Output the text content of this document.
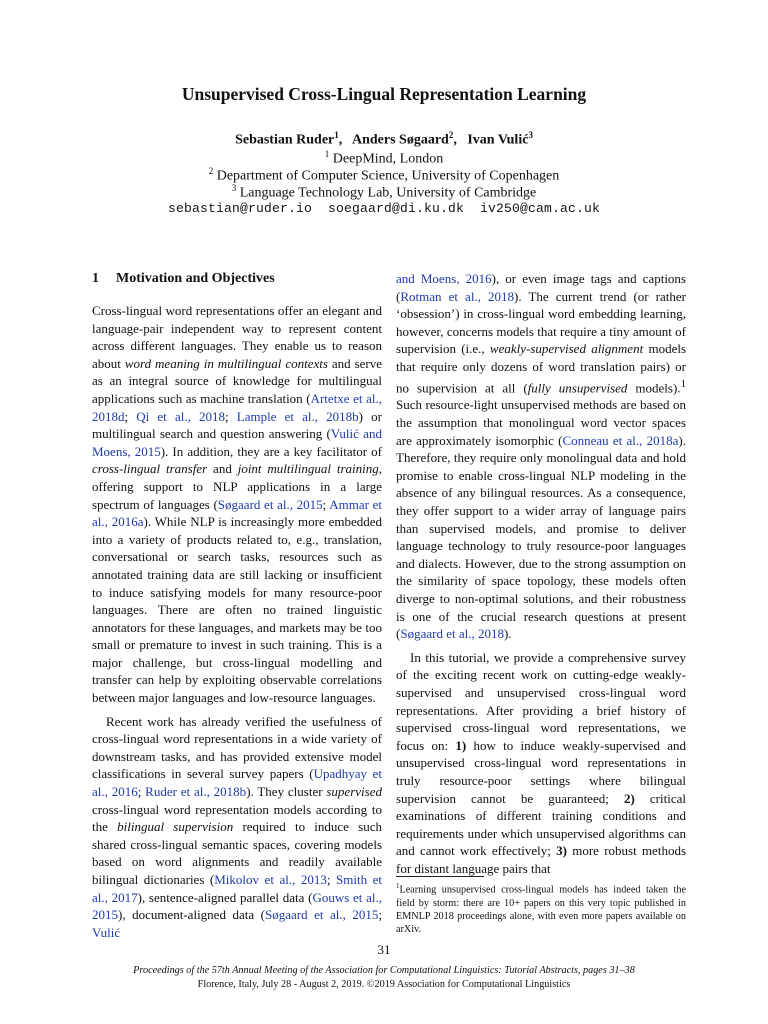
Unsupervised Cross-Lingual Representation Learning
Sebastian Ruder$^1$,   Anders Søgaard$^2$,   Ivan Vulić$^3$
$^1$ DeepMind, London
$^2$ Department of Computer Science, University of Copenhagen
$^3$ Language Technology Lab, University of Cambridge
sebastian@ruder.io  soegaard@di.ku.dk  iv250@cam.ac.uk
1 Motivation and Objectives

Cross-lingual word representations offer an elegant and language-pair independent way to represent content across different languages. They enable us to reason about word meaning in multilingual contexts and serve as an integral source of knowledge for multilingual applications such as machine translation (Artetxe et al., 2018d; Qi et al., 2018; Lample et al., 2018b) or multilingual search and question answering (Vulić and Moens, 2015). In addition, they are a key facilitator of cross-lingual transfer and joint multilingual training, offering support to NLP applications in a large spectrum of languages (Søgaard et al., 2015; Ammar et al., 2016a). While NLP is increasingly more embedded into a variety of products related to, e.g., translation, conversational or search tasks, resources such as annotated training data are still lacking or insufficient to induce satisfying models for many resource-poor languages. There are often no trained linguistic annotators for these languages, and markets may be too small or premature to invest in such training. This is a major challenge, but cross-lingual modelling and transfer can help by exploiting observable correlations between major languages and low-resource languages.

Recent work has already verified the usefulness of cross-lingual word representations in a wide variety of downstream tasks, and has provided extensive model classifications in several survey papers (Upadhyay et al., 2016; Ruder et al., 2018b). They cluster supervised cross-lingual word representation models according to the bilingual supervision required to induce such shared cross-lingual semantic spaces, covering models based on word alignments and readily available bilingual dictionaries (Mikolov et al., 2013; Smith et al., 2017), sentence-aligned parallel data (Gouws et al., 2015), document-aligned data (Søgaard et al., 2015; Vulić

and Moens, 2016), or even image tags and captions (Rotman et al., 2018). The current trend (or rather ‘obsession’) in cross-lingual word embedding learning, however, concerns models that require a tiny amount of supervision (i.e., weakly-supervised alignment models that require only dozens of word translation pairs) or no supervision at all (fully unsupervised models).$^1$ Such resource-light unsupervised methods are based on the assumption that monolingual word vector spaces are approximately isomorphic (Conneau et al., 2018a). Therefore, they require only monolingual data and hold promise to enable cross-lingual NLP modeling in the absence of any bilingual resources. As a consequence, they offer support to a wider array of language pairs than supervised models, and promise to deliver language technology to truly resource-poor languages and dialects. However, due to the strong assumption on the similarity of space topology, these models often diverge to non-optimal solutions, and their robustness is one of the crucial research questions at present (Søgaard et al., 2018).

In this tutorial, we provide a comprehensive survey of the exciting recent work on cutting-edge weakly-supervised and unsupervised cross-lingual word representations. After providing a brief history of supervised cross-lingual word representations, we focus on: 1) how to induce weakly-supervised and unsupervised cross-lingual word representations in truly resource-poor settings where bilingual supervision cannot be guaranteed; 2) critical examinations of different training conditions and requirements under which unsupervised algorithms can and cannot work effectively; 3) more robust methods for distant language pairs that

$^1$Learning unsupervised cross-lingual models has indeed taken the field by storm: there are 10+ papers on this very topic published in EMNLP 2018 proceedings alone, with even more papers available on arXiv.
31
Proceedings of the 57th Annual Meeting of the Association for Computational Linguistics: Tutorial Abstracts, pages 31–38
Florence, Italy, July 28 - August 2, 2019. ©2019 Association for Computational Linguistics
